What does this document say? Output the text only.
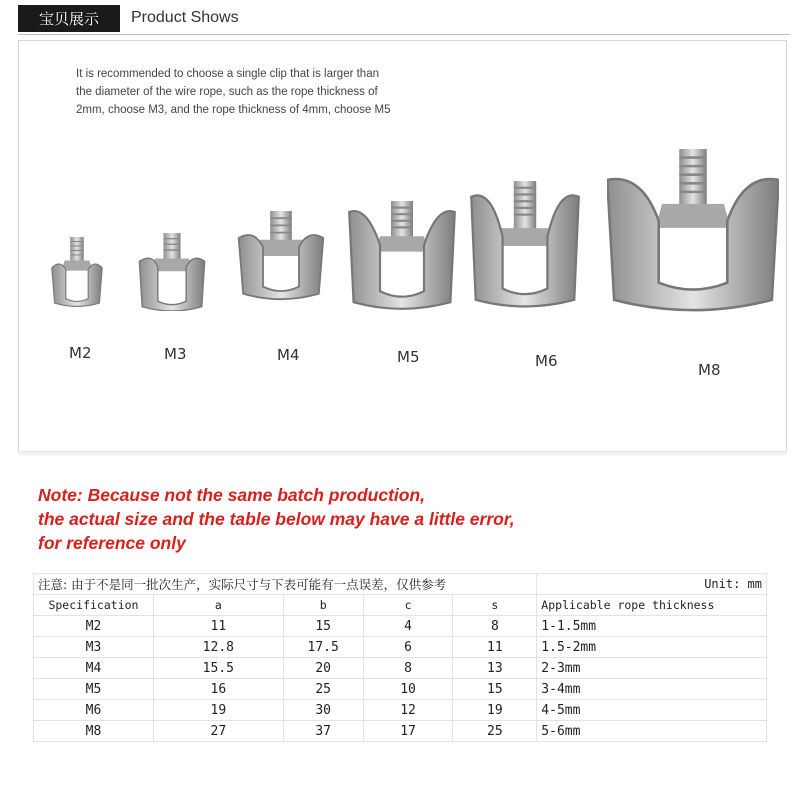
宝贝展示	Product Shows
It is recommended to choose a single clip that is larger than
the diameter of the wire rope, such as the rope thickness of
2mm, choose M3, and the rope thickness of 4mm, choose M5
M2	M3	M4	M5	M6	M8
Note: Because not the same batch production,
the actual size and the table below may have a little error,
for reference only
注意: 由于不是同一批次生产，实际尺寸与下表可能有一点误差，仅供参考					Unit: mm
Specification	a	b	c	s	Applicable rope thickness
M2	11	15	4	8	1-1.5mm
M3	12.8	17.5	6	11	1.5-2mm
M4	15.5	20	8	13	2-3mm
M5	16	25	10	15	3-4mm
M6	19	30	12	19	4-5mm
M8	27	37	17	25	5-6mm
